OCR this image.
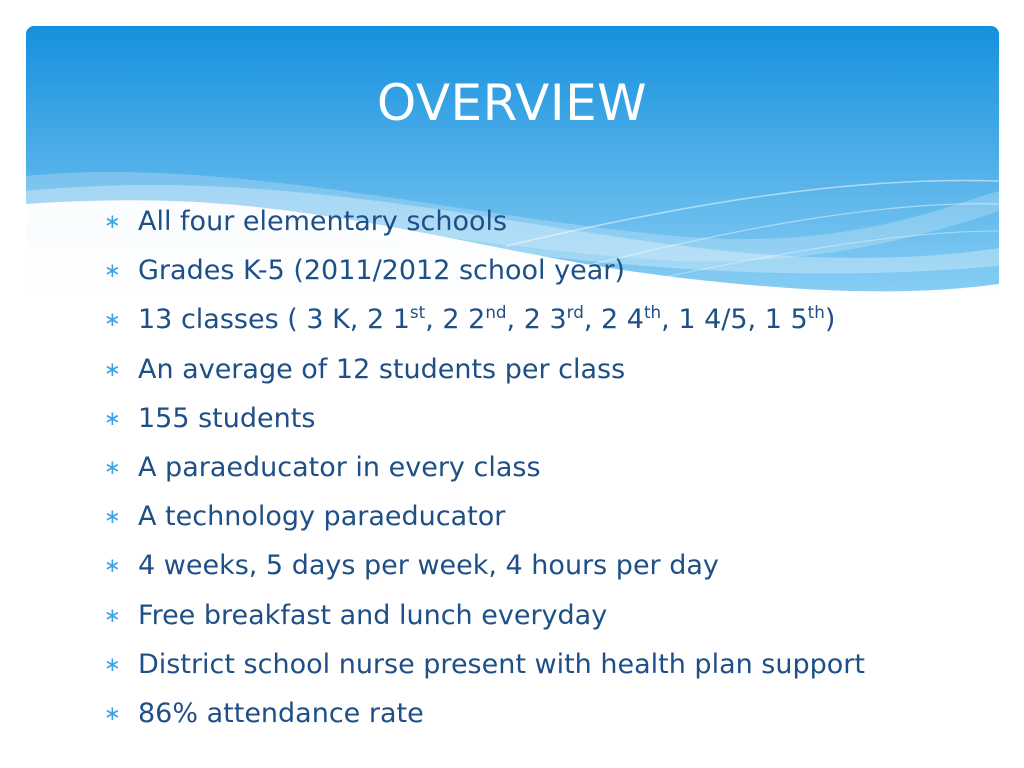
OVERVIEW
∗ All four elementary schools
∗ Grades K-5 (2011/2012 school year)
∗ 13 classes ( 3 K, 2 1st, 2 2nd, 2 3rd, 2 4th, 1 4/5, 1 5th)
∗ An average of 12 students per class
∗ 155 students
∗ A paraeducator in every class
∗ A technology paraeducator
∗ 4 weeks, 5 days per week, 4 hours per day
∗ Free breakfast and lunch everyday
∗ District school nurse present with health plan support
∗ 86% attendance rate
